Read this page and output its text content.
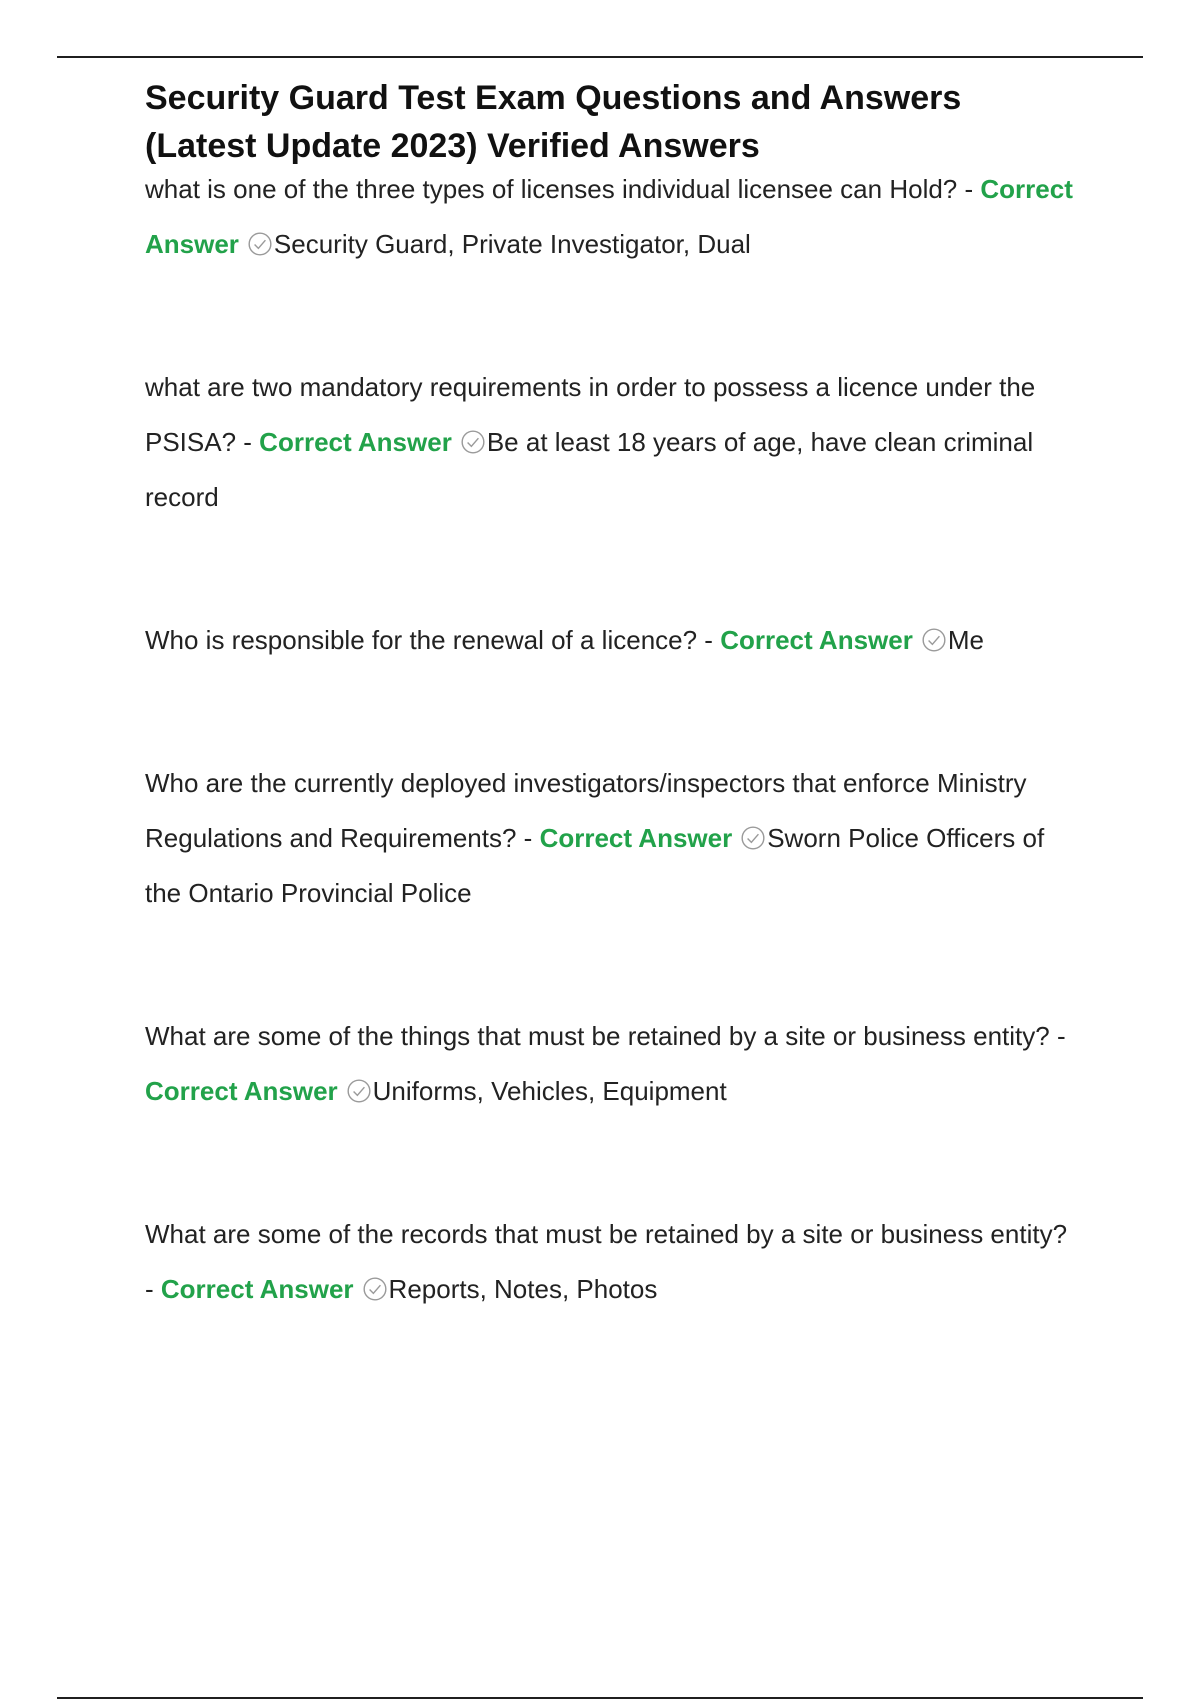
Security Guard Test Exam Questions and Answers (Latest Update 2023) Verified Answers

what is one of the three types of licenses individual licensee can Hold? - Correct Answer Security Guard, Private Investigator, Dual

what are two mandatory requirements in order to possess a licence under the PSISA? - Correct Answer Be at least 18 years of age, have clean criminal record

Who is responsible for the renewal of a licence? - Correct Answer Me

Who are the currently deployed investigators/inspectors that enforce Ministry Regulations and Requirements? - Correct Answer Sworn Police Officers of the Ontario Provincial Police

What are some of the things that must be retained by a site or business entity? - Correct Answer Uniforms, Vehicles, Equipment

What are some of the records that must be retained by a site or business entity? - Correct Answer Reports, Notes, Photos
